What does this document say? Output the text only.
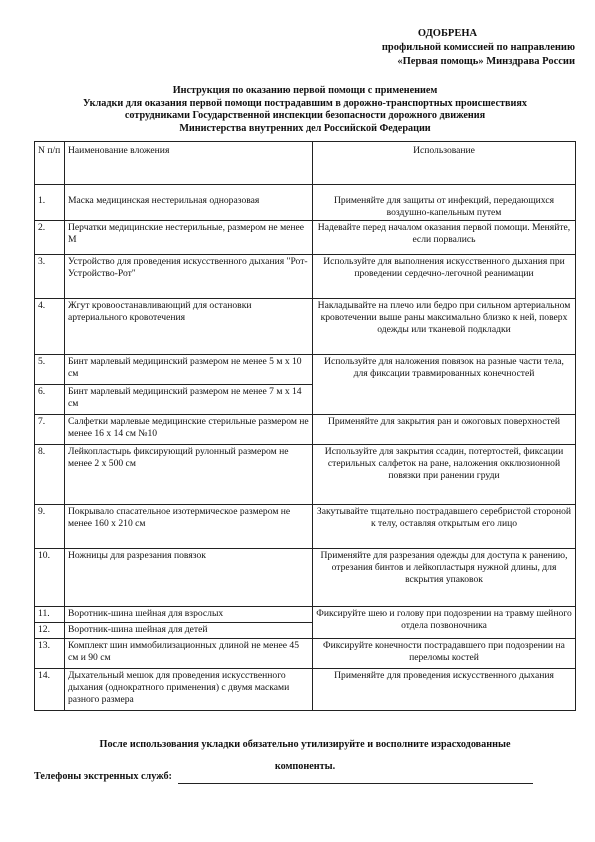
ОДОБРЕНА
профильной комиссией по направлению
«Первая помощь» Минздрава России
Инструкция по оказанию первой помощи с применением
Укладки для оказания первой помощи пострадавшим в дорожно-транспортных происшествиях
сотрудниками Государственной инспекции безопасности дорожного движения
Министерства внутренних дел Российской Федерации
N п/п	Наименование вложения	Использование
1.	Маска медицинская нестерильная одноразовая	Применяйте для защиты от инфекций, передающихся воздушно-капельным путем
2.	Перчатки медицинские нестерильные, размером не менее М	Надевайте перед началом оказания первой помощи. Меняйте, если порвались
3.	Устройство для проведения искусственного дыхания "Рот-Устройство-Рот"	Используйте для выполнения искусственного дыхания при проведении сердечно-легочной реанимации
4.	Жгут кровоостанавливающий для остановки артериального кровотечения	Накладывайте на плечо или бедро при сильном артериальном кровотечении выше раны максимально близко к ней, поверх одежды или тканевой подкладки
5.	Бинт марлевый медицинский размером не менее 5 м х 10 см	Используйте для наложения повязок на разные части тела, для фиксации травмированных конечностей
6.	Бинт марлевый медицинский размером не менее 7 м х 14 см	
7.	Салфетки марлевые медицинские стерильные размером не менее 16 х 14 см №10	Применяйте для закрытия ран и ожоговых поверхностей
8.	Лейкопластырь фиксирующий рулонный размером не менее 2 х 500 см	Используйте для закрытия ссадин, потертостей, фиксации стерильных салфеток на ране, наложения окклюзионной повязки при ранении груди
9.	Покрывало спасательное изотермическое размером не менее 160 х 210 см	Закутывайте тщательно пострадавшего серебристой стороной к телу, оставляя открытым его лицо
10.	Ножницы для разрезания повязок	Применяйте для разрезания одежды для доступа к ранению, отрезания бинтов и лейкопластыря нужной длины, для вскрытия упаковок
11.	Воротник-шина шейная для взрослых	Фиксируйте шею и голову при подозрении на травму шейного отдела позвоночника
12.	Воротник-шина шейная для детей	
13.	Комплект шин иммобилизационных длиной не менее 45 см и 90 см	Фиксируйте конечности пострадавшего при подозрении на переломы костей
14.	Дыхательный мешок для проведения искусственного дыхания (однократного применения) с двумя масками разного размера	Применяйте для проведения искусственного дыхания
После использования укладки обязательно утилизируйте и восполните израсходованные
компоненты.
Телефоны экстренных служб:
